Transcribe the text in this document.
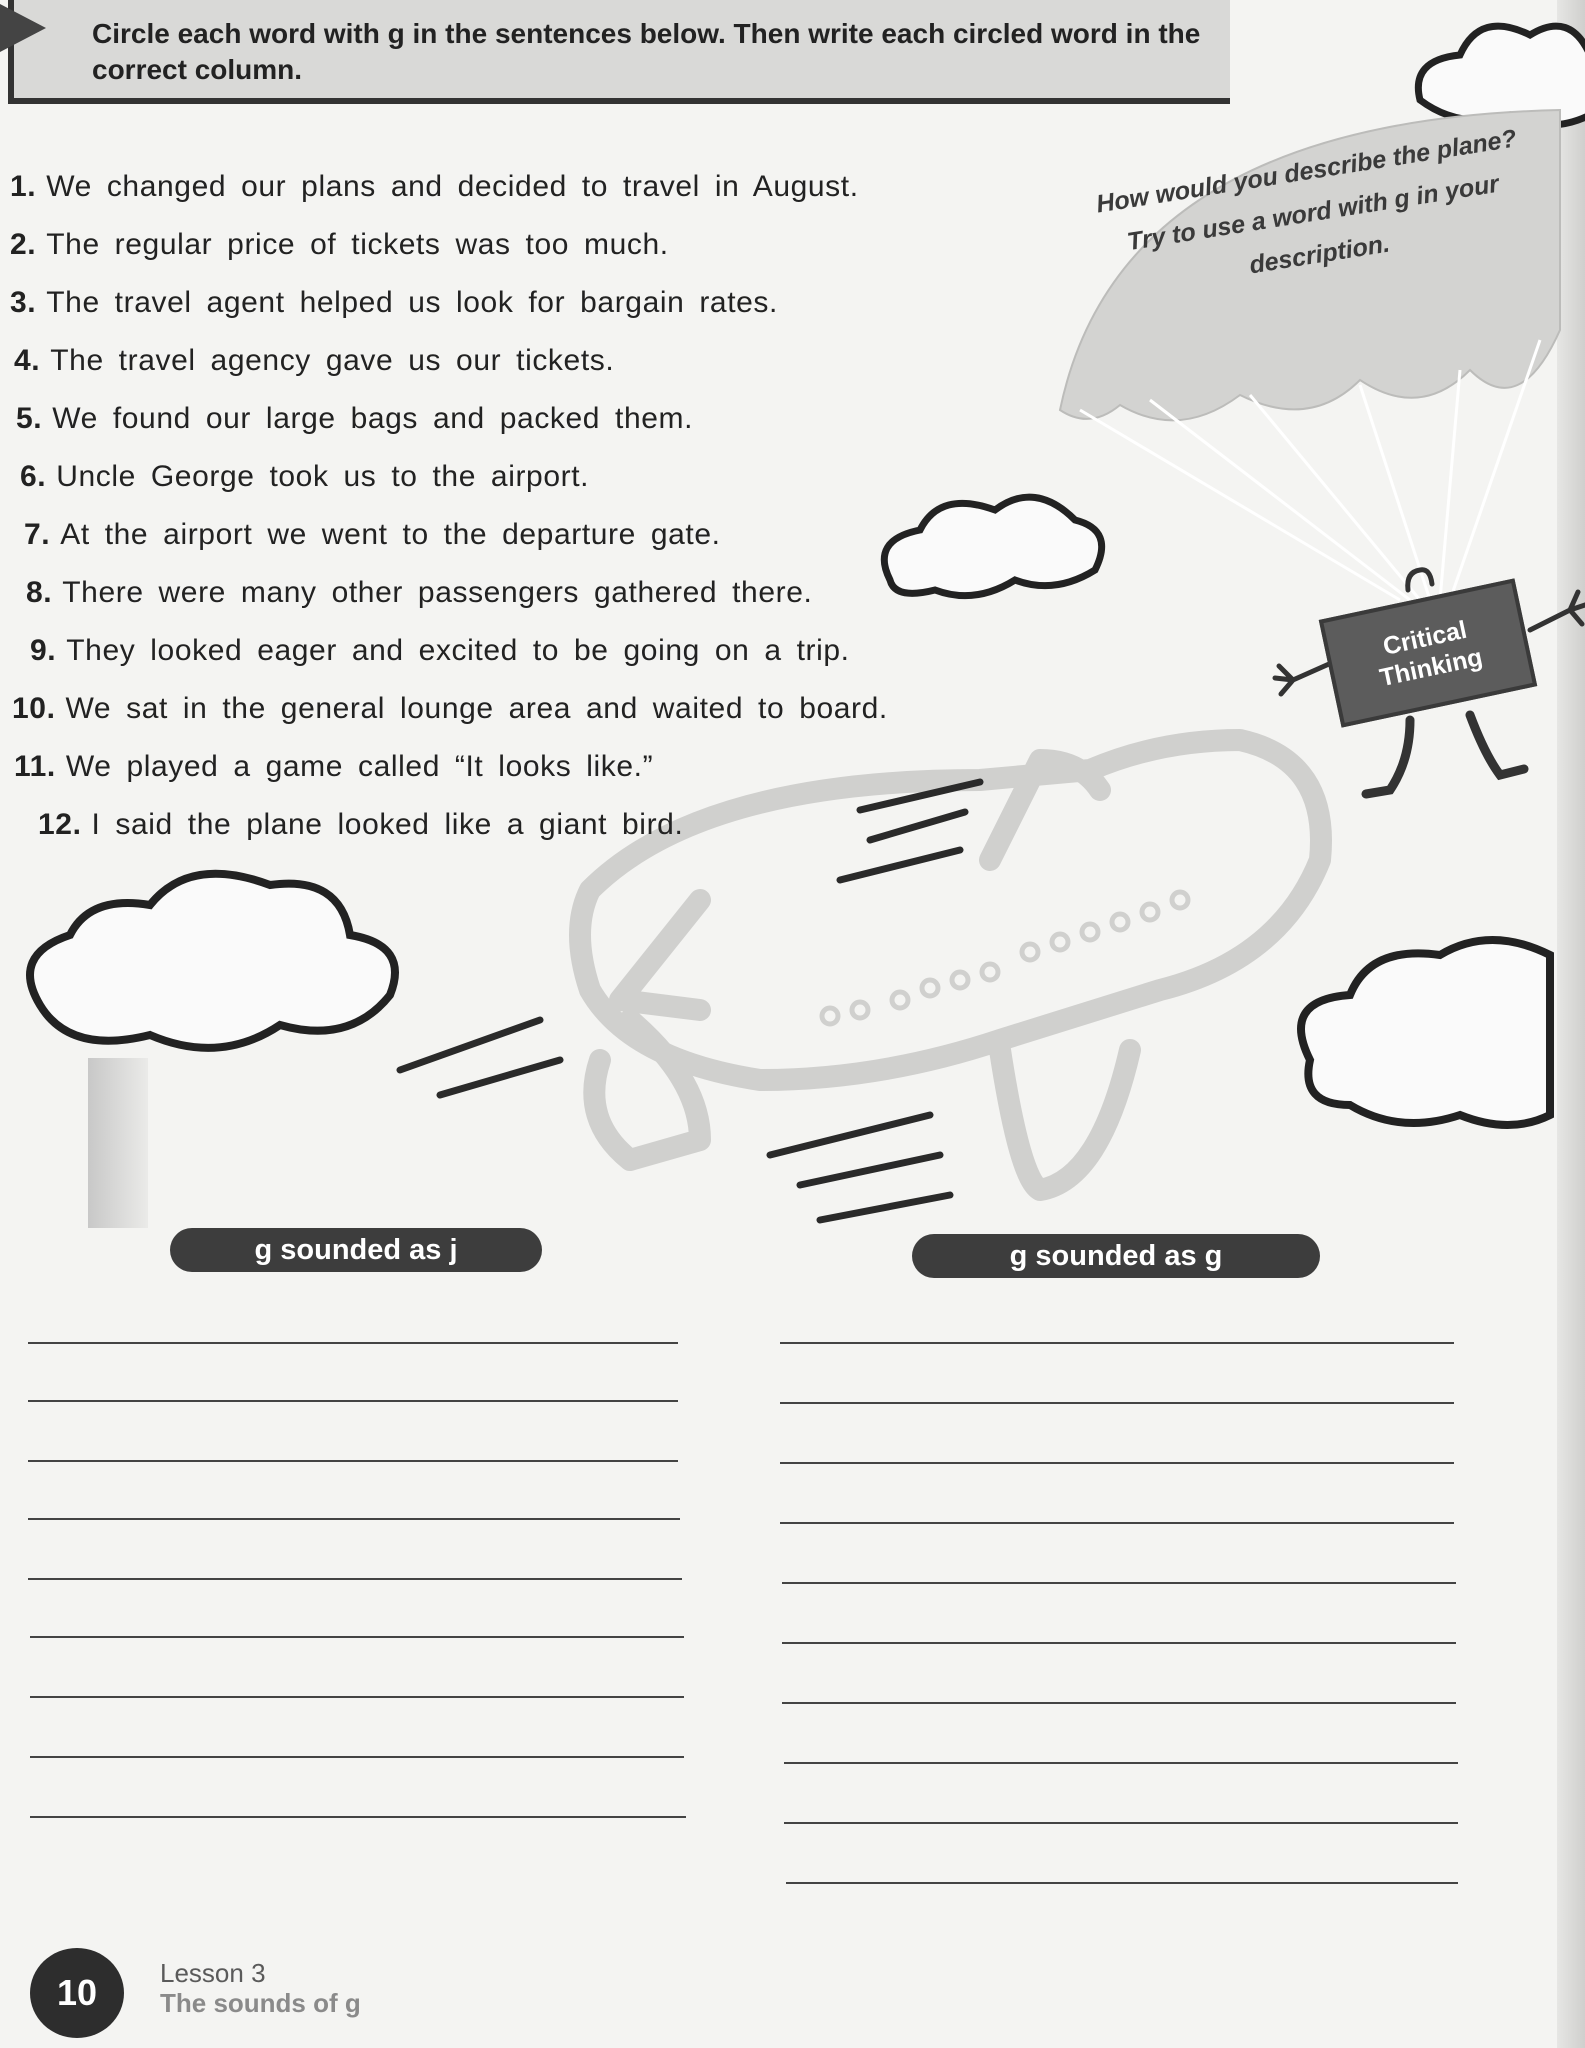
Circle each word with g in the sentences below. Then write each circled word in the correct column.
1. We changed our plans and decided to travel in August.
2. The regular price of tickets was too much.
3. The travel agent helped us look for bargain rates.
4. The travel agency gave us our tickets.
5. We found our large bags and packed them.
6. Uncle George took us to the airport.
7. At the airport we went to the departure gate.
8. There were many other passengers gathered there.
9. They looked eager and excited to be going on a trip.
10. We sat in the general lounge area and waited to board.
11. We played a game called “It looks like.”
12. I said the plane looked like a giant bird.
How would you describe the plane? Try to use a word with g in your description.
Critical Thinking
g sounded as j	g sounded as g
10	Lesson 3
The sounds of g
